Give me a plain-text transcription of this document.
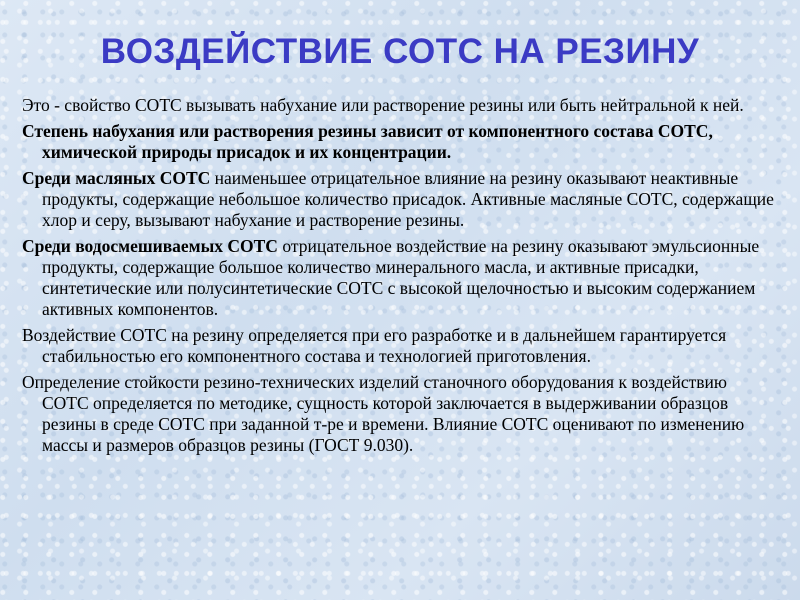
ВОЗДЕЙСТВИЕ СОТС НА РЕЗИНУ

Это - свойство СОТС вызывать набухание или растворение резины или быть нейтральной к ней.

Степень набухания или растворения резины зависит от компонентного состава СОТС, химической природы присадок и их концентрации.

Среди масляных СОТС наименьшее отрицательное влияние на резину оказывают неактивные продукты, содержащие небольшое количество присадок. Активные масляные СОТС, содержащие хлор и серу, вызывают набухание и растворение резины.

Среди водосмешиваемых СОТС отрицательное воздействие на резину оказывают эмульсионные продукты, содержащие большое количество минерального масла, и активные присадки, синтетические или полусинтетические СОТС с высокой щелочностью и высоким содержанием активных компонентов.

Воздействие СОТС на резину определяется при его разработке и в дальнейшем гарантируется стабильностью его компонентного состава и технологией приготовления.

Определение стойкости резино-технических изделий станочного оборудования к воздействию СОТС определяется по методике, сущность которой заключается в выдерживании образцов резины в среде СОТС при заданной т-ре и времени. Влияние СОТС оценивают по изменению массы и размеров образцов резины (ГОСТ 9.030).
